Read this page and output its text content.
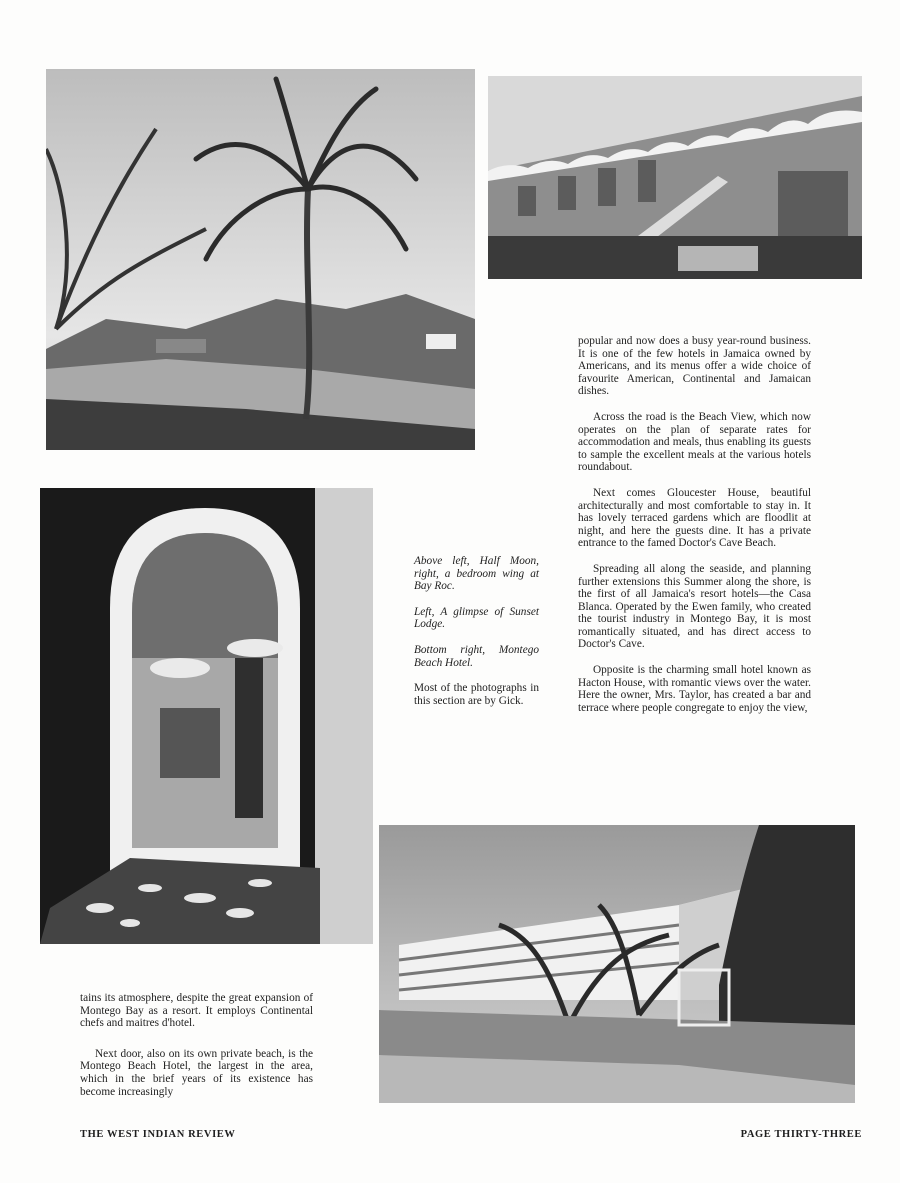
popular and now does a busy year-round business. It is one of the few hotels in Jamaica owned by Americans, and its menus offer a wide choice of favourite American, Continental and Jamaican dishes.

Across the road is the Beach View, which now operates on the plan of separate rates for accommodation and meals, thus enabling its guests to sample the excellent meals at the various hotels roundabout.

Next comes Gloucester House, beautiful architecturally and most comfortable to stay in. It has lovely terraced gardens which are floodlit at night, and here the guests dine. It has a private entrance to the famed Doctor's Cave Beach.

Spreading all along the seaside, and planning further extensions this Summer along the shore, is the first of all Jamaica's resort hotels—the Casa Blanca. Operated by the Ewen family, who created the tourist industry in Montego Bay, it is most romantically situated, and has direct access to Doctor's Cave.

Opposite is the charming small hotel known as Hacton House, with romantic views over the water. Here the owner, Mrs. Taylor, has created a bar and terrace where people congregate to enjoy the view,

Above left, Half Moon, right, a bedroom wing at Bay Roc.

Left, A glimpse of Sunset Lodge.

Bottom right, Montego Beach Hotel.

Most of the photographs in this section are by Gick.

tains its atmosphere, despite the great expansion of Montego Bay as a resort. It employs Continental chefs and maitres d'hotel.

Next door, also on its own private beach, is the Montego Beach Hotel, the largest in the area, which in the brief years of its existence has become increasingly

THE WEST INDIAN REVIEW	PAGE THIRTY-THREE
